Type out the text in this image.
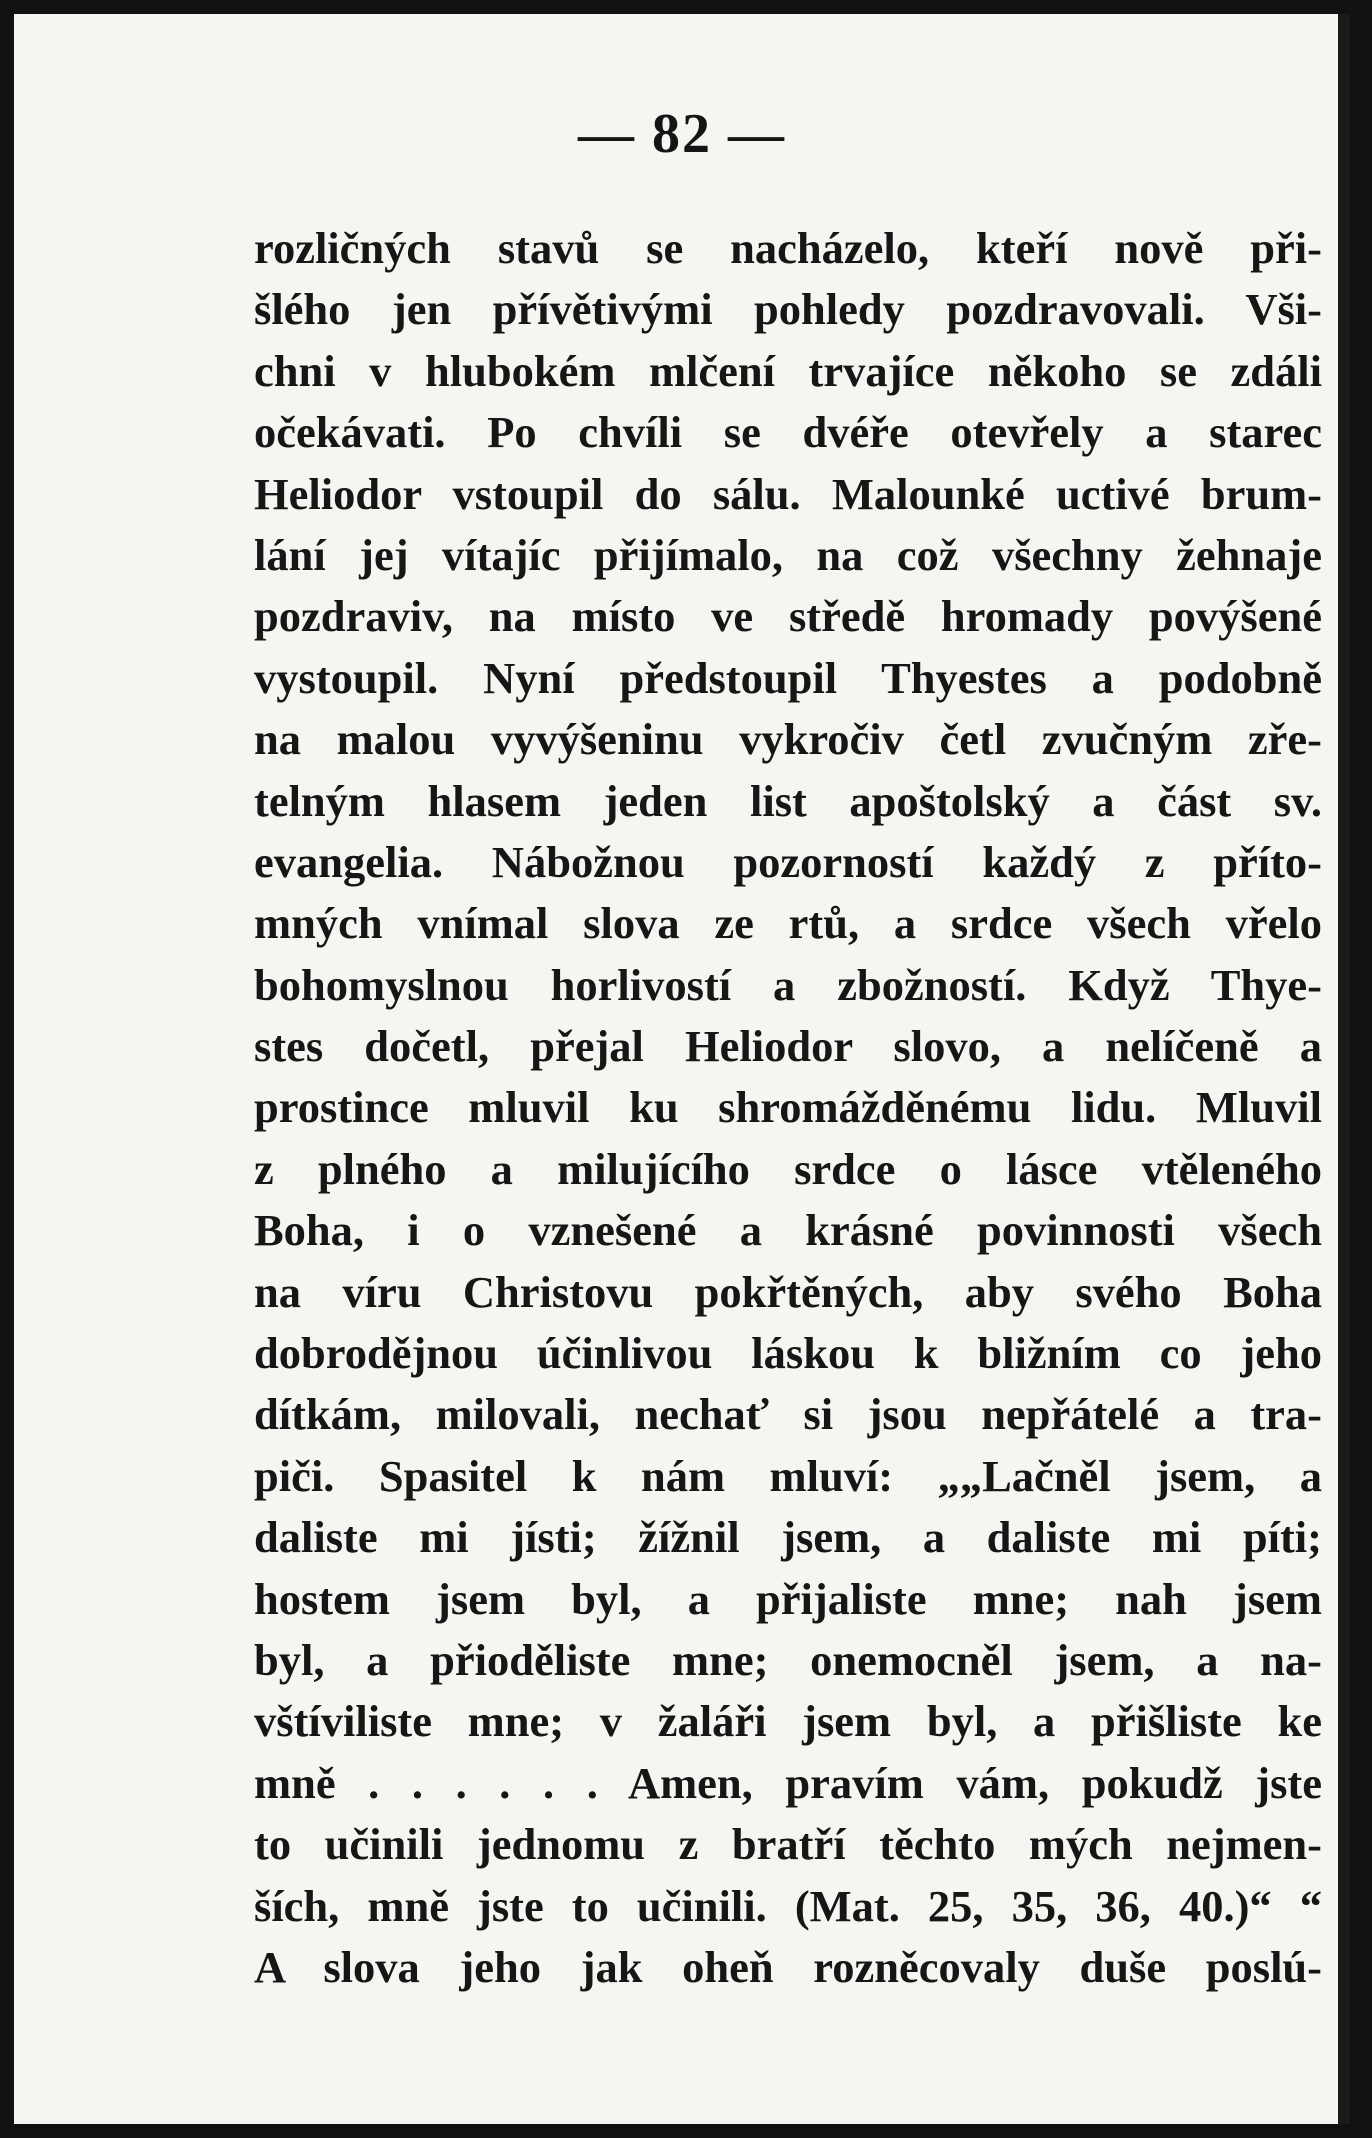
— 82 —
rozličných stavů se nacházelo, kteří nově při-
šlého jen přívětivými pohledy pozdravovali. Vši-
chni v hlubokém mlčení trvajíce někoho se zdáli
očekávati. Po chvíli se dvéře otevřely a starec
Heliodor vstoupil do sálu. Malounké uctivé brum-
lání jej vítajíc přijímalo, na což všechny žehnaje
pozdraviv, na místo ve středě hromady povýšené
vystoupil. Nyní předstoupil Thyestes a podobně
na malou vyvýšeninu vykročiv četl zvučným zře-
telným hlasem jeden list apoštolský a část sv.
evangelia. Nábožnou pozorností každý z příto-
mných vnímal slova ze rtů, a srdce všech vřelo
bohomyslnou horlivostí a zbožností. Když Thye-
stes dočetl, přejal Heliodor slovo, a nelíčeně a
prostince mluvil ku shromážděnému lidu. Mluvil
z plného a milujícího srdce o lásce vtěleného
Boha, i o vznešené a krásné povinnosti všech
na víru Christovu pokřtěných, aby svého Boha
dobrodějnou účinlivou láskou k bližním co jeho
dítkám, milovali, nechať si jsou nepřátelé a tra-
piči. Spasitel k nám mluví: „„Lačněl jsem, a
daliste mi jísti; žížnil jsem, a daliste mi píti;
hostem jsem byl, a přijaliste mne; nah jsem
byl, a přioděliste mne; onemocněl jsem, a na-
vštíviliste mne; v žaláři jsem byl, a přišliste ke
mně . . . . . . Amen, pravím vám, pokudž jste
to učinili jednomu z bratří těchto mých nejmen-
ších, mně jste to učinili. (Mat. 25, 35, 36, 40.)“ “
A slova jeho jak oheň rozněcovaly duše poslú-
